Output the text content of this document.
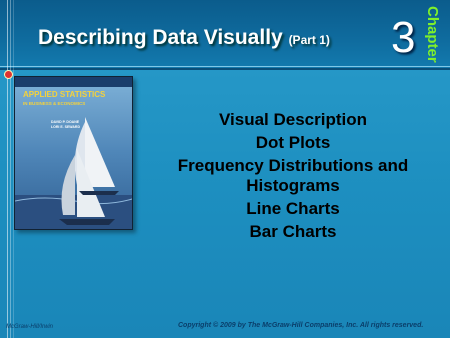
Describing Data Visually (Part 1) 3 Chapter
APPLIED STATISTICS
IN BUSINESS & ECONOMICS
DAVID P. DOANE
LORI E. SEWARD	Visual Description
Dot Plots
Frequency Distributions and Histograms
Line Charts
Bar Charts
McGraw-Hill/Irwin	Copyright © 2009 by The McGraw-Hill Companies, Inc. All rights reserved.
